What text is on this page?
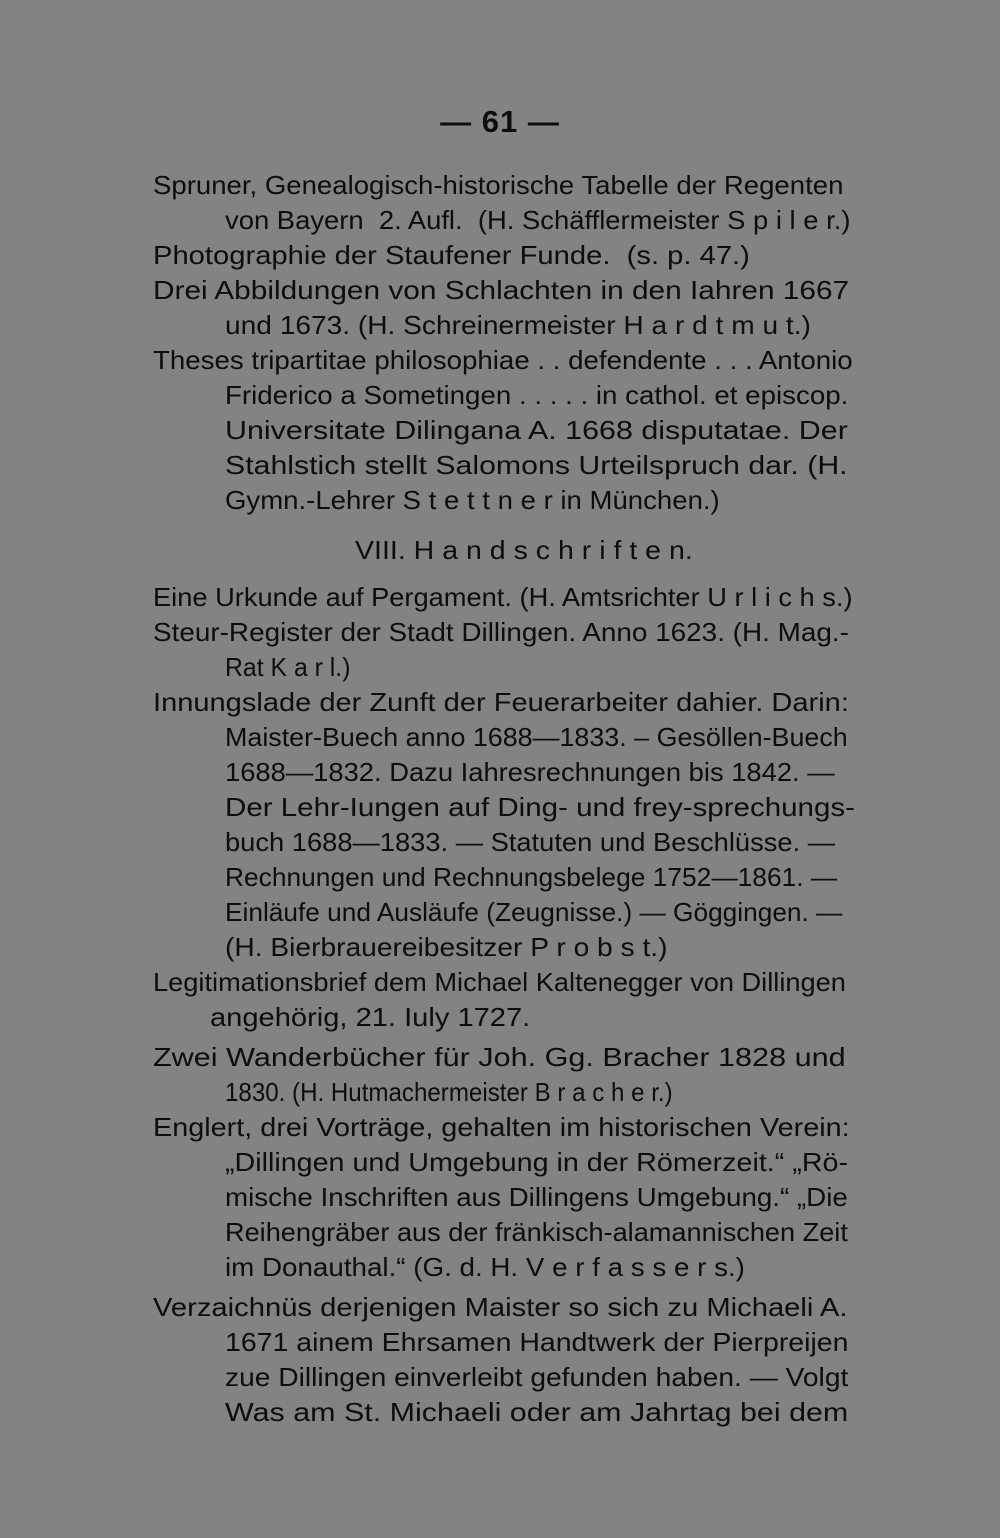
— 61 —
Spruner, Genealogisch-historische Tabelle der Regenten
von Bayern  2. Aufl.  (H. Schäfflermeister S p i l e r.)
Photographie der Staufener Funde.  (s. p. 47.)
Drei Abbildungen von Schlachten in den Iahren 1667
und 1673. (H. Schreinermeister H a r d t m u t.)
Theses tripartitae philosophiae . . defendente . . . Antonio
Friderico a Sometingen . . . . . in cathol. et episcop.
Universitate Dilingana A. 1668 disputatae. Der
Stahlstich stellt Salomons Urteilspruch dar. (H.
Gymn.-Lehrer S t e t t n e r in München.)
VIII. H a n d s c h r i f t e n.
Eine Urkunde auf Pergament. (H. Amtsrichter U r l i c h s.)
Steur-Register der Stadt Dillingen. Anno 1623. (H. Mag.-
Rat K a r l.)
Innungslade der Zunft der Feuerarbeiter dahier. Darin:
Maister-Buech anno 1688—1833. – Gesöllen-Buech
1688—1832. Dazu Iahresrechnungen bis 1842. —
Der Lehr-Iungen auf Ding- und frey-sprechungs-
buch 1688—1833. — Statuten und Beschlüsse. —
Rechnungen und Rechnungsbelege 1752—1861. —
Einläufe und Ausläufe (Zeugnisse.) — Göggingen. —
(H. Bierbrauereibesitzer P r o b s t.)
Legitimationsbrief dem Michael Kaltenegger von Dillingen
angehörig, 21. Iuly 1727.
Zwei Wanderbücher für Joh. Gg. Bracher 1828 und
1830. (H. Hutmachermeister B r a c h e r.)
Englert, drei Vorträge, gehalten im historischen Verein:
„Dillingen und Umgebung in der Römerzeit.“ „Rö-
mische Inschriften aus Dillingens Umgebung.“ „Die
Reihengräber aus der fränkisch-alamannischen Zeit
im Donauthal.“ (G. d. H. V e r f a s s e r s.)
Verzaichnüs derjenigen Maister so sich zu Michaeli A.
1671 ainem Ehrsamen Handtwerk der Pierpreijen
zue Dillingen einverleibt gefunden haben. — Volgt
Was am St. Michaeli oder am Jahrtag bei dem
